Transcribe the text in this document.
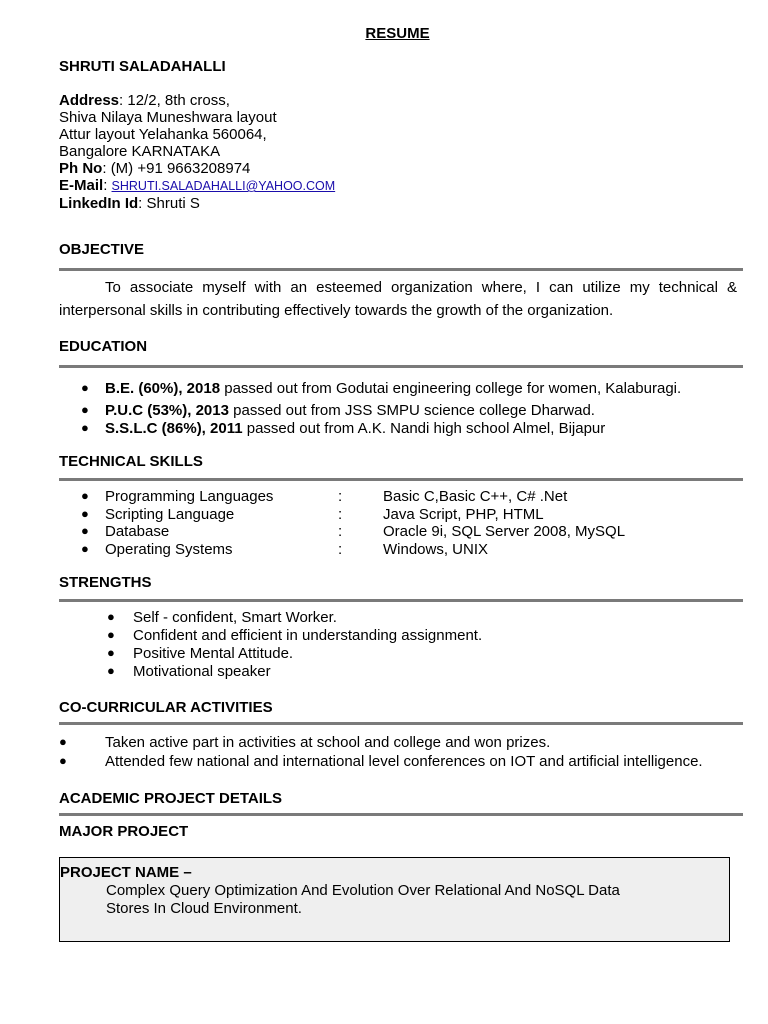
RESUME
SHRUTI SALADAHALLI
Address: 12/2, 8th cross,
Shiva Nilaya Muneshwara layout
Attur layout Yelahanka 560064,
Bangalore KARNATAKA
Ph No: (M) +91 9663208974
E-Mail: SHRUTI.SALADAHALLI@YAHOO.COM
LinkedIn Id: Shruti S
OBJECTIVE
To associate myself with an esteemed organization where, I can utilize my technical & interpersonal skills in contributing effectively towards the growth of the organization.
EDUCATION
● B.E. (60%), 2018 passed out from Godutai engineering college for women, Kalaburagi.
● P.U.C (53%), 2013 passed out from JSS SMPU science college Dharwad.
● S.S.L.C (86%), 2011 passed out from A.K. Nandi high school Almel, Bijapur
TECHNICAL SKILLS
● Programming Languages	:	Basic C,Basic C++, C# .Net
● Scripting Language	:	Java Script, PHP, HTML
● Database	:	Oracle 9i, SQL Server 2008, MySQL
● Operating Systems	:	Windows, UNIX
STRENGTHS
● Self - confident, Smart Worker.
● Confident and efficient in understanding assignment.
● Positive Mental Attitude.
● Motivational speaker
CO-CURRICULAR ACTIVITIES
●	Taken active part in activities at school and college and won prizes.
●	Attended few national and international level conferences on IOT and artificial intelligence.
ACADEMIC PROJECT DETAILS
MAJOR PROJECT
PROJECT NAME –
Complex Query Optimization And Evolution Over Relational And NoSQL Data
Stores In Cloud Environment.
